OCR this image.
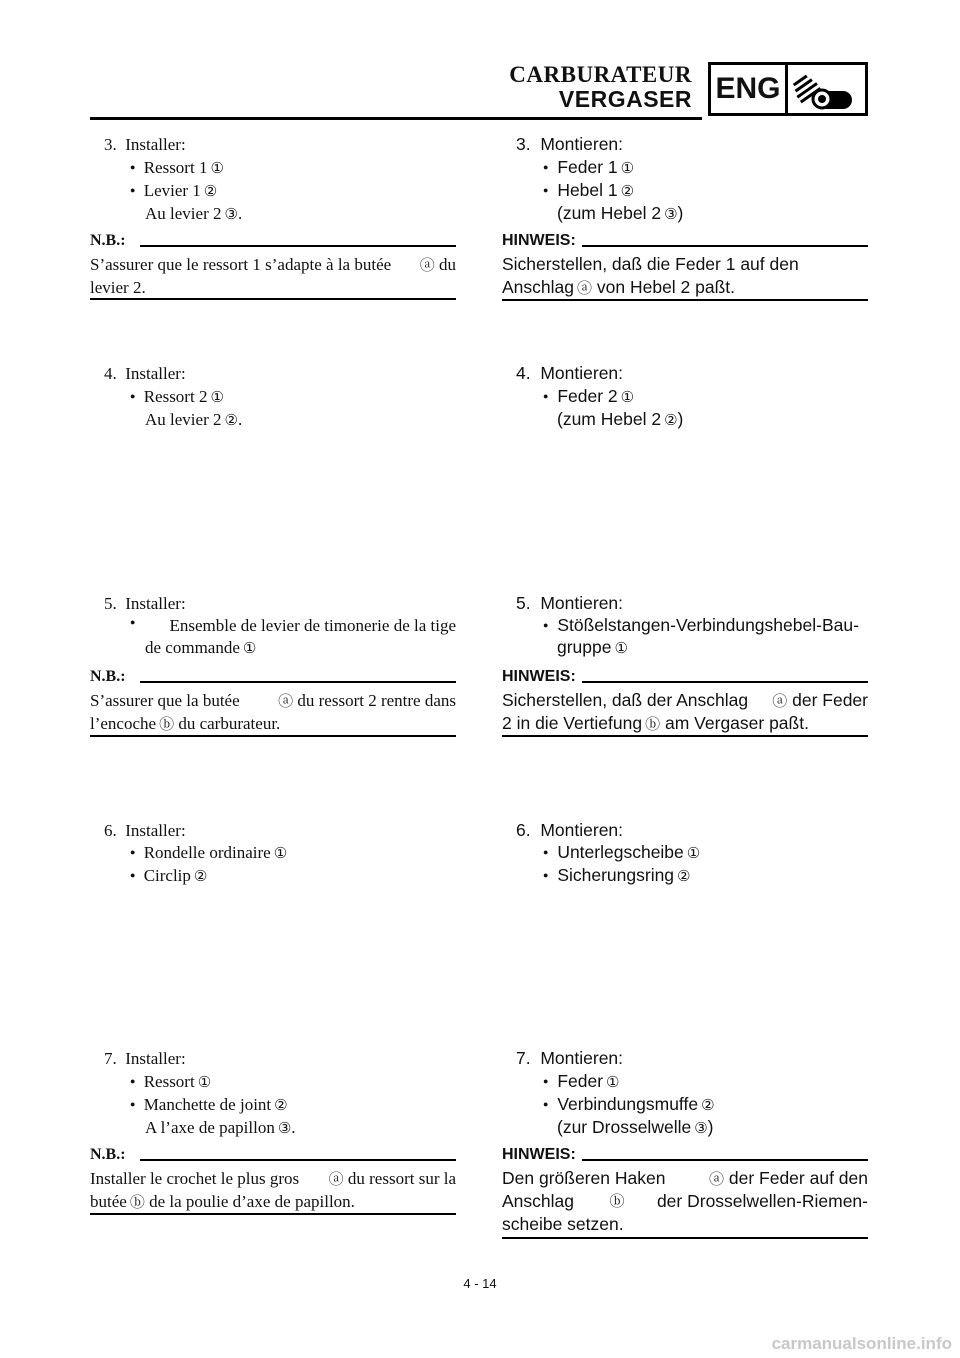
CARBURATEUR
VERGASER ENG
3. Installer:
● Ressort 1 ①
● Levier 1 ②
Au levier 2 ③.
N.B.:
S’assurer que le ressort 1 s’adapte à la butée ⓐ du
levier 2.
4. Installer:
● Ressort 2 ①
Au levier 2 ②.
5. Installer:
● Ensemble de levier de timonerie de la tige
de commande ①
N.B.:
S’assurer que la butée	ⓐ du ressort 2 rentre dans
l’encoche ⓑ du carburateur.
6. Installer:
● Rondelle ordinaire ①
● Circlip ②
7. Installer:
● Ressort ①
● Manchette de joint ②
A l’axe de papillon ③.
N.B.:
Installer le crochet le plus gros ⓐ du ressort sur la
butée ⓑ de la poulie d’axe de papillon.
3. Montieren:
● Feder 1 ①
● Hebel 1 ②
(zum Hebel 2 ③)
HINWEIS:
Sicherstellen, daß die Feder 1 auf den
Anschlag ⓐ von Hebel 2 paßt.
4. Montieren:
● Feder 2 ①
(zum Hebel 2 ②)
5. Montieren:
● Stößelstangen-Verbindungshebel-Bau-
gruppe ①
HINWEIS:
Sicherstellen, daß der Anschlag ⓐ der Feder
2 in die Vertiefung ⓑ am Vergaser paßt.
6. Montieren:
● Unterlegscheibe ①
● Sicherungsring ②
7. Montieren:
● Feder ①
● Verbindungsmuffe ②
(zur Drosselwelle ③)
HINWEIS:
Den größeren Haken	ⓐ der Feder auf den
Anschlag ⓑ der Drosselwellen-Riemen-
scheibe setzen.
4 - 14
carmanualsonline.info
